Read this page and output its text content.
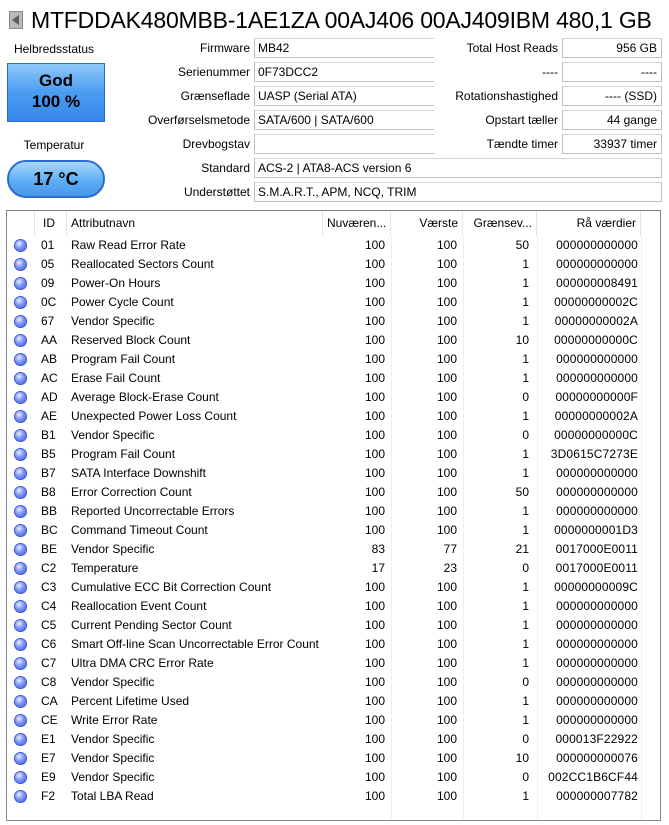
MTFDDAK480MBB-1AE1ZA 00AJ406 00AJ409IBM 480,1 GB
Helbredsstatus
God
100 %
Temperatur
17 °C
Firmware MB42
Serienummer 0F73DCC2
Grænseflade UASP (Serial ATA)
Overførselsmetode SATA/600 | SATA/600
Drevbogstav
Standard ACS-2 | ATA8-ACS version 6
Understøttet S.M.A.R.T., APM, NCQ, TRIM
Total Host Reads	956 GB
----	----
Rotationshastighed	---- (SSD)
Opstart tæller	44 gange
Tændte timer	33937 timer
ID	Attributnavn	Nuværen...	Værste	Grænsev...	Rå værdier
01	Raw Read Error Rate	100	100	50	000000000000
05	Reallocated Sectors Count	100	100	1	000000000000
09	Power-On Hours	100	100	1	000000008491
0C	Power Cycle Count	100	100	1	00000000002C
67	Vendor Specific	100	100	1	00000000002A
AA	Reserved Block Count	100	100	10	00000000000C
AB	Program Fail Count	100	100	1	000000000000
AC	Erase Fail Count	100	100	1	000000000000
AD	Average Block-Erase Count	100	100	0	00000000000F
AE	Unexpected Power Loss Count	100	100	1	00000000002A
B1	Vendor Specific	100	100	0	00000000000C
B5	Program Fail Count	100	100	1	3D0615C7273E
B7	SATA Interface Downshift	100	100	1	000000000000
B8	Error Correction Count	100	100	50	000000000000
BB	Reported Uncorrectable Errors	100	100	1	000000000000
BC	Command Timeout Count	100	100	1	0000000001D3
BE	Vendor Specific	83	77	21	0017000E0011
C2	Temperature	17	23	0	0017000E0011
C3	Cumulative ECC Bit Correction Count	100	100	1	00000000009C
C4	Reallocation Event Count	100	100	1	000000000000
C5	Current Pending Sector Count	100	100	1	000000000000
C6	Smart Off-line Scan Uncorrectable Error Count	100	100	1	000000000000
C7	Ultra DMA CRC Error Rate	100	100	1	000000000000
C8	Vendor Specific	100	100	0	000000000000
CA	Percent Lifetime Used	100	100	1	000000000000
CE	Write Error Rate	100	100	1	000000000000
E1	Vendor Specific	100	100	0	000013F22922
E7	Vendor Specific	100	100	10	000000000076
E9	Vendor Specific	100	100	0	002CC1B6CF44
F2	Total LBA Read	100	100	1	000000007782
